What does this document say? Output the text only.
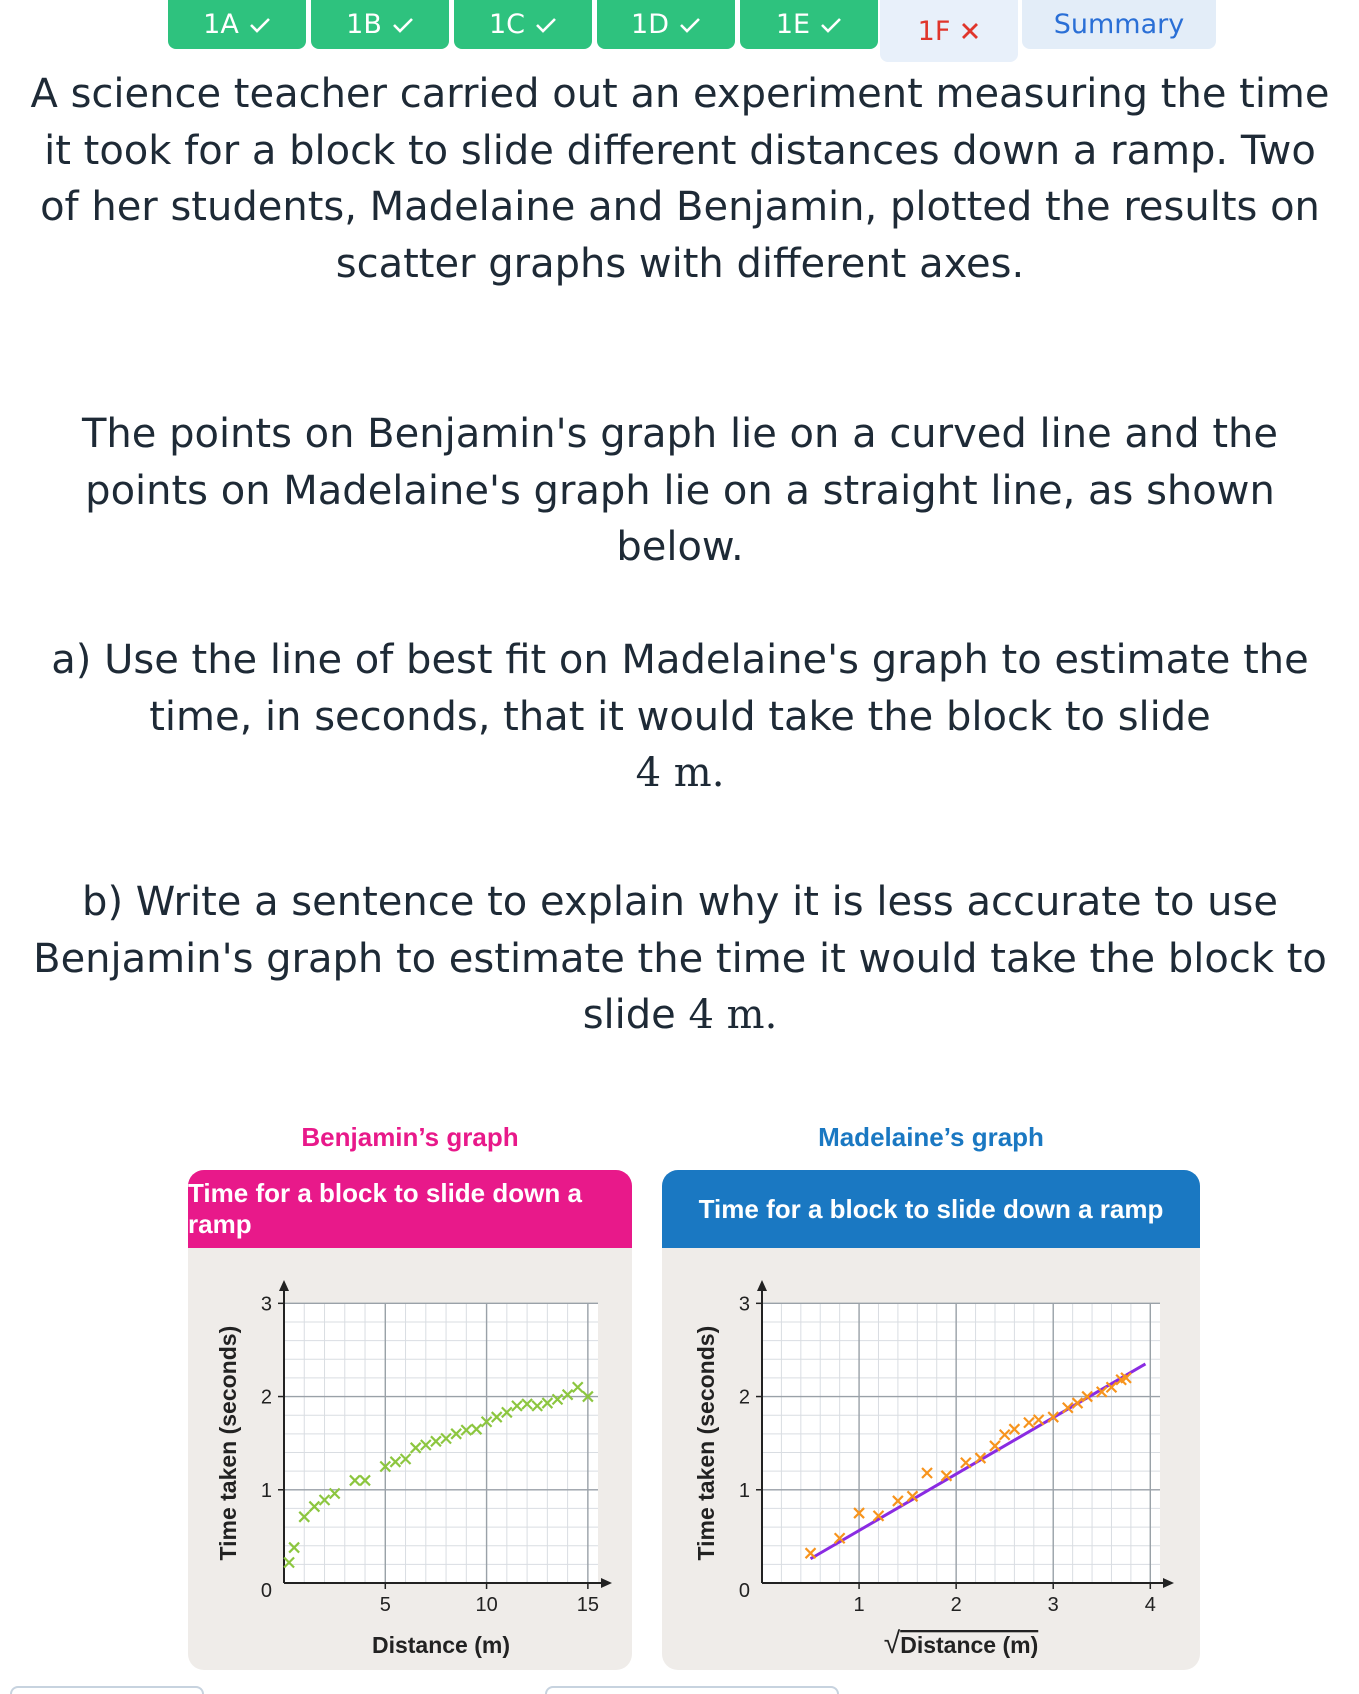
1A	1B	1C	1D	1E	1F	Summary

A science teacher carried out an experiment measuring the time it took for a block to slide different distances down a ramp. Two of her students, Madelaine and Benjamin, plotted the results on scatter graphs with different axes.

The points on Benjamin's graph lie on a curved line and the points on Madelaine's graph lie on a straight line, as shown below.

a) Use the line of best fit on Madelaine's graph to estimate the time, in seconds, that it would take the block to slide
4 m.

b) Write a sentence to explain why it is less accurate to use Benjamin's graph to estimate the time it would take the block to slide 4 m.

Benjamin’s graph
Time for a block to slide down a ramp
5	10	15
1
2
3
0
Distance (m)
Time taken (seconds)
Madelaine’s graph
Time for a block to slide down a ramp
1	2	3	4
1
2
3
0
√Distance (m)
Time taken (seconds)
